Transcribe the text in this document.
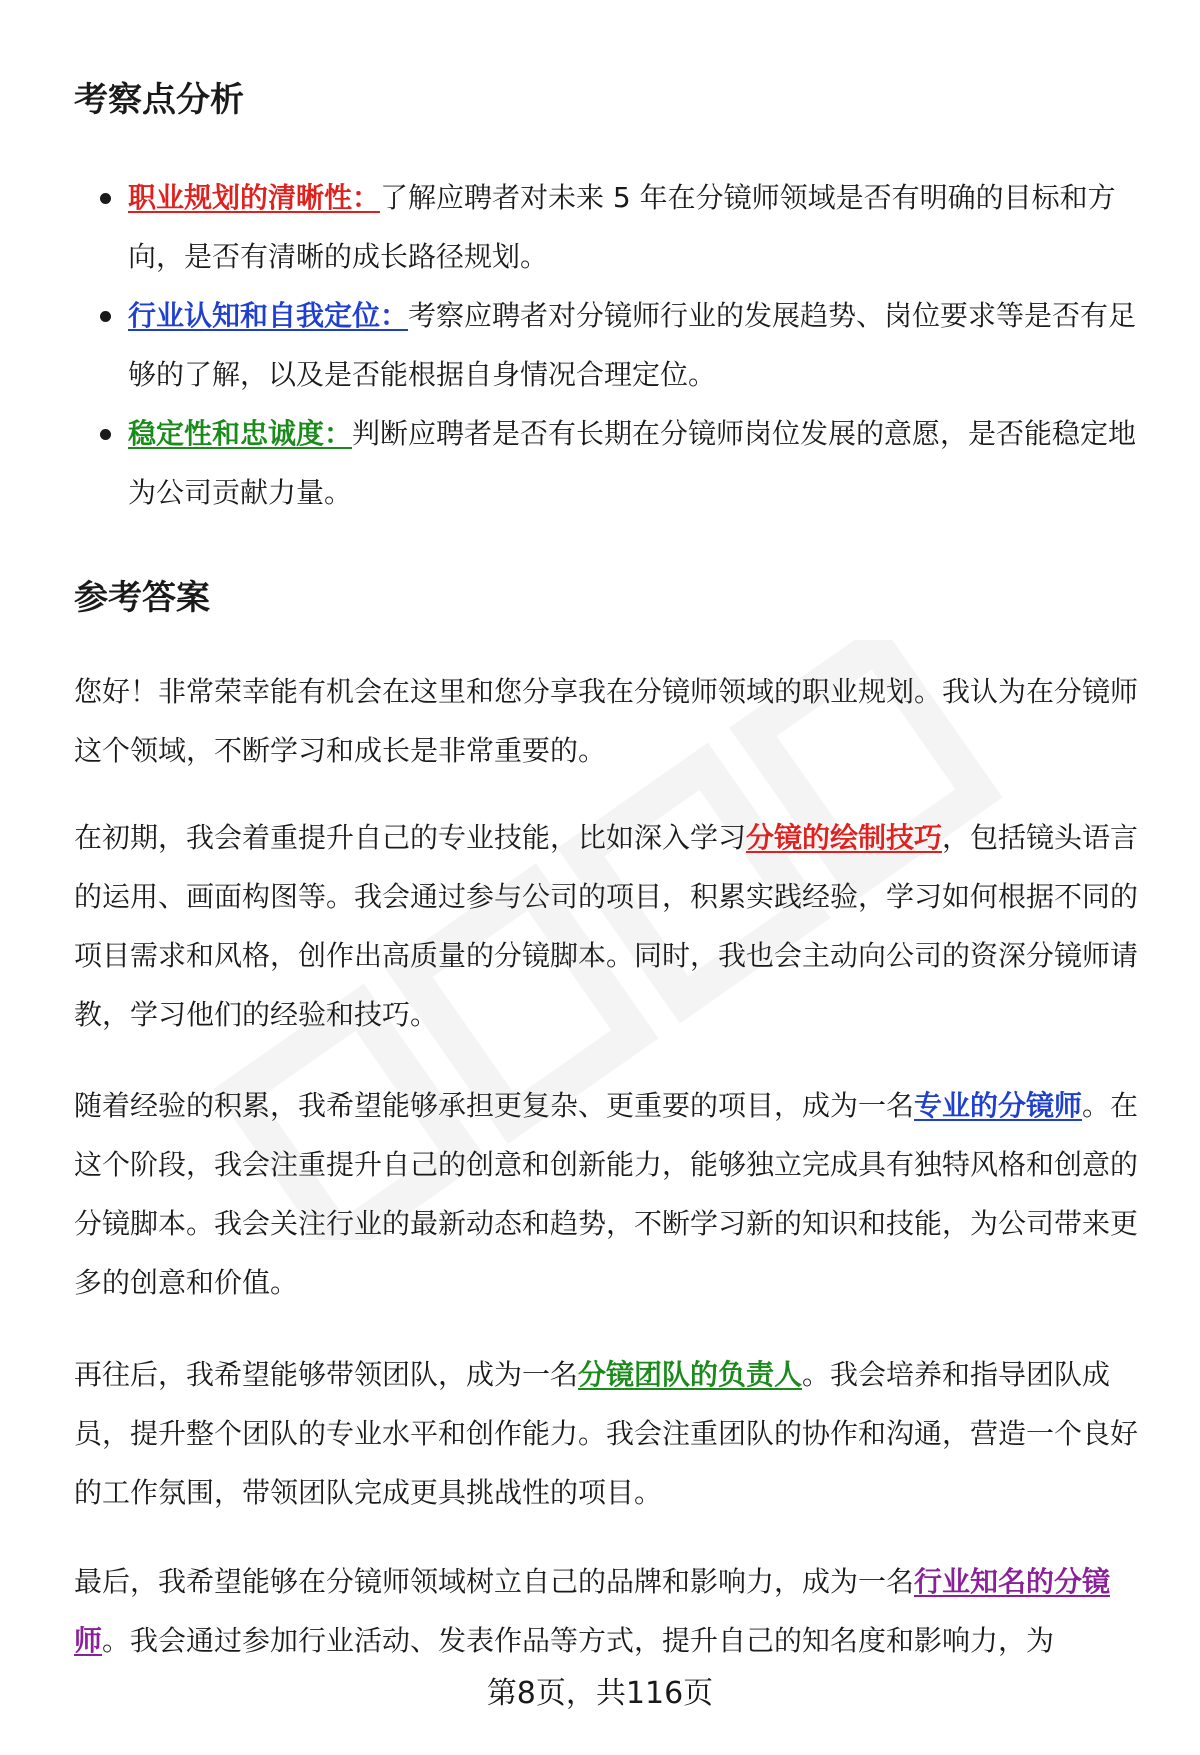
考察点分析
职业规划的清晰性：了解应聘者对未来 5 年在分镜师领域是否有明确的目标和方向，是否有清晰的成长路径规划。
行业认知和自我定位：考察应聘者对分镜师行业的发展趋势、岗位要求等是否有足够的了解，以及是否能根据自身情况合理定位。
稳定性和忠诚度：判断应聘者是否有长期在分镜师岗位发展的意愿，是否能稳定地为公司贡献力量。
参考答案

您好！非常荣幸能有机会在这里和您分享我在分镜师领域的职业规划。我认为在分镜师这个领域，不断学习和成长是非常重要的。

在初期，我会着重提升自己的专业技能，比如深入学习分镜的绘制技巧，包括镜头语言的运用、画面构图等。我会通过参与公司的项目，积累实践经验，学习如何根据不同的项目需求和风格，创作出高质量的分镜脚本。同时，我也会主动向公司的资深分镜师请教，学习他们的经验和技巧。

随着经验的积累，我希望能够承担更复杂、更重要的项目，成为一名专业的分镜师。在这个阶段，我会注重提升自己的创意和创新能力，能够独立完成具有独特风格和创意的分镜脚本。我会关注行业的最新动态和趋势，不断学习新的知识和技能，为公司带来更多的创意和价值。

再往后，我希望能够带领团队，成为一名分镜团队的负责人。我会培养和指导团队成员，提升整个团队的专业水平和创作能力。我会注重团队的协作和沟通，营造一个良好的工作氛围，带领团队完成更具挑战性的项目。

最后，我希望能够在分镜师领域树立自己的品牌和影响力，成为一名行业知名的分镜师。我会通过参加行业活动、发表作品等方式，提升自己的知名度和影响力，为

第8页，共116页
